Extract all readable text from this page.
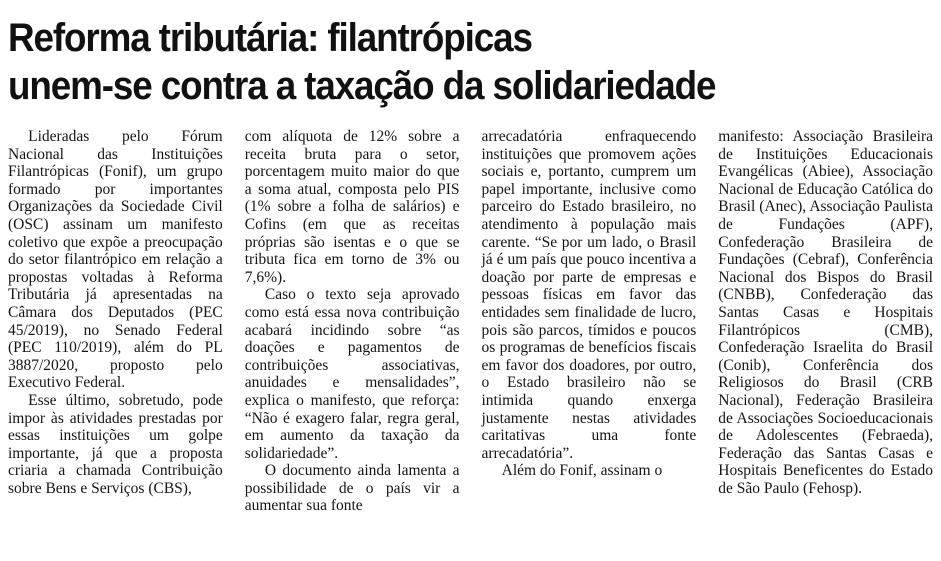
Reforma tributária: filantrópicas
unem-se contra a taxação da solidariedade

Lideradas pelo Fórum Nacional das Instituições Filantrópicas (Fonif), um grupo formado por importantes Organizações da Sociedade Civil (OSC) assinam um manifesto coletivo que expõe a preocupação do setor filantrópico em relação a propostas voltadas à Reforma Tributária já apresentadas na Câmara dos Deputados (PEC 45/2019), no Senado Federal (PEC 110/2019), além do PL 3887/2020, proposto pelo Executivo Federal.

Esse último, sobretudo, pode impor às atividades prestadas por essas instituições um golpe importante, já que a proposta criaria a chamada Contribuição sobre Bens e Serviços (CBS),

com alíquota de 12% sobre a receita bruta para o setor, porcentagem muito maior do que a soma atual, composta pelo PIS (1% sobre a folha de salários) e Cofins (em que as receitas próprias são isentas e o que se tributa fica em torno de 3% ou 7,6%).

Caso o texto seja aprovado como está essa nova contribuição acabará incidindo sobre “as doações e pagamentos de contribuições associativas, anuidades e mensalidades”, explica o manifesto, que reforça: “Não é exagero falar, regra geral, em aumento da taxação da solidariedade”.

O documento ainda lamenta a possibilidade de o país vir a aumentar sua fonte

arrecadatória enfraquecendo instituições que promovem ações sociais e, portanto, cumprem um papel importante, inclusive como parceiro do Estado brasileiro, no atendimento à população mais carente. “Se por um lado, o Brasil já é um país que pouco incentiva a doação por parte de empresas e pessoas físicas em favor das entidades sem finalidade de lucro, pois são parcos, tímidos e poucos os programas de benefícios fiscais em favor dos doadores, por outro, o Estado brasileiro não se intimida quando enxerga justamente nestas atividades caritativas uma fonte arrecadatória”.

Além do Fonif, assinam o

manifesto: Associação Brasileira de Instituições Educacionais Evangélicas (Abiee), Associação Nacional de Educação Católica do Brasil (Anec), Associação Paulista de Fundações (APF), Confederação Brasileira de Fundações (Cebraf), Conferência Nacional dos Bispos do Brasil (CNBB), Confederação das Santas Casas e Hospitais Filantrópicos (CMB), Confederação Israelita do Brasil (Conib), Conferência dos Religiosos do Brasil (CRB Nacional), Federação Brasileira de Associações Socioeducacionais de Adolescentes (Febraeda), Federação das Santas Casas e Hospitais Beneficentes do Estado de São Paulo (Fehosp).
